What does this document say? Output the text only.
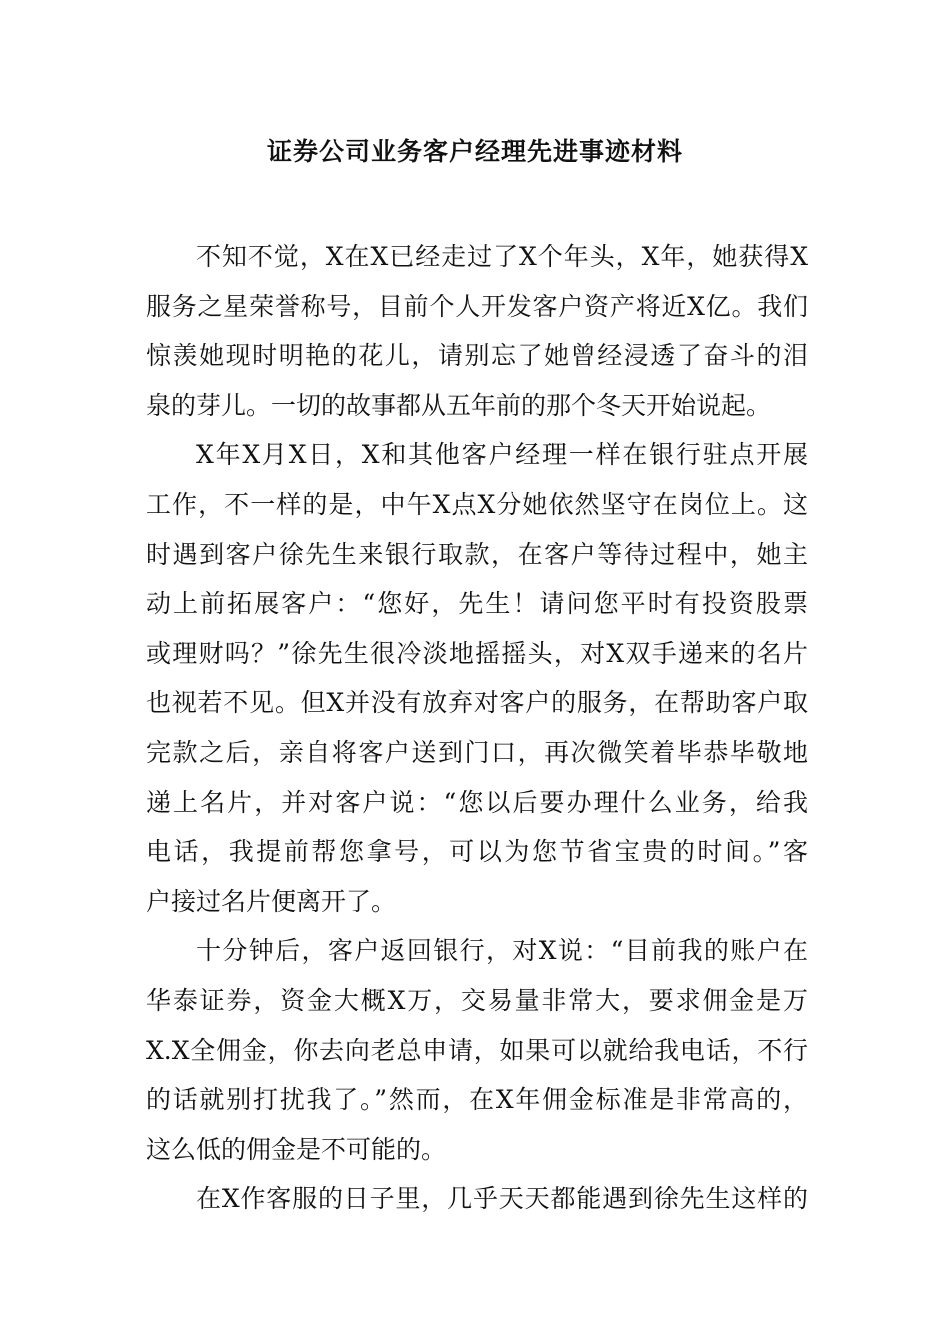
证券公司业务客户经理先进事迹材料
不知不觉，X在X已经走过了X个年头，X年，她获得X
服务之星荣誉称号，目前个人开发客户资产将近X亿。我们
惊羡她现时明艳的花儿，请别忘了她曾经浸透了奋斗的泪
泉的芽儿。一切的故事都从五年前的那个冬天开始说起。
X年X月X日，X和其他客户经理一样在银行驻点开展
工作，不一样的是，中午X点X分她依然坚守在岗位上。这
时遇到客户徐先生来银行取款，在客户等待过程中，她主
动上前拓展客户：“您好，先生！请问您平时有投资股票
或理财吗？”徐先生很冷淡地摇摇头，对X双手递来的名片
也视若不见。但X并没有放弃对客户的服务，在帮助客户取
完款之后，亲自将客户送到门口，再次微笑着毕恭毕敬地
递上名片，并对客户说：“您以后要办理什么业务，给我
电话，我提前帮您拿号，可以为您节省宝贵的时间。”客
户接过名片便离开了。
十分钟后，客户返回银行，对X说：“目前我的账户在
华泰证券，资金大概X万，交易量非常大，要求佣金是万
X.X全佣金，你去向老总申请，如果可以就给我电话，不行
的话就别打扰我了。”然而，在X年佣金标准是非常高的，
这么低的佣金是不可能的。
在X作客服的日子里，几乎天天都能遇到徐先生这样的
